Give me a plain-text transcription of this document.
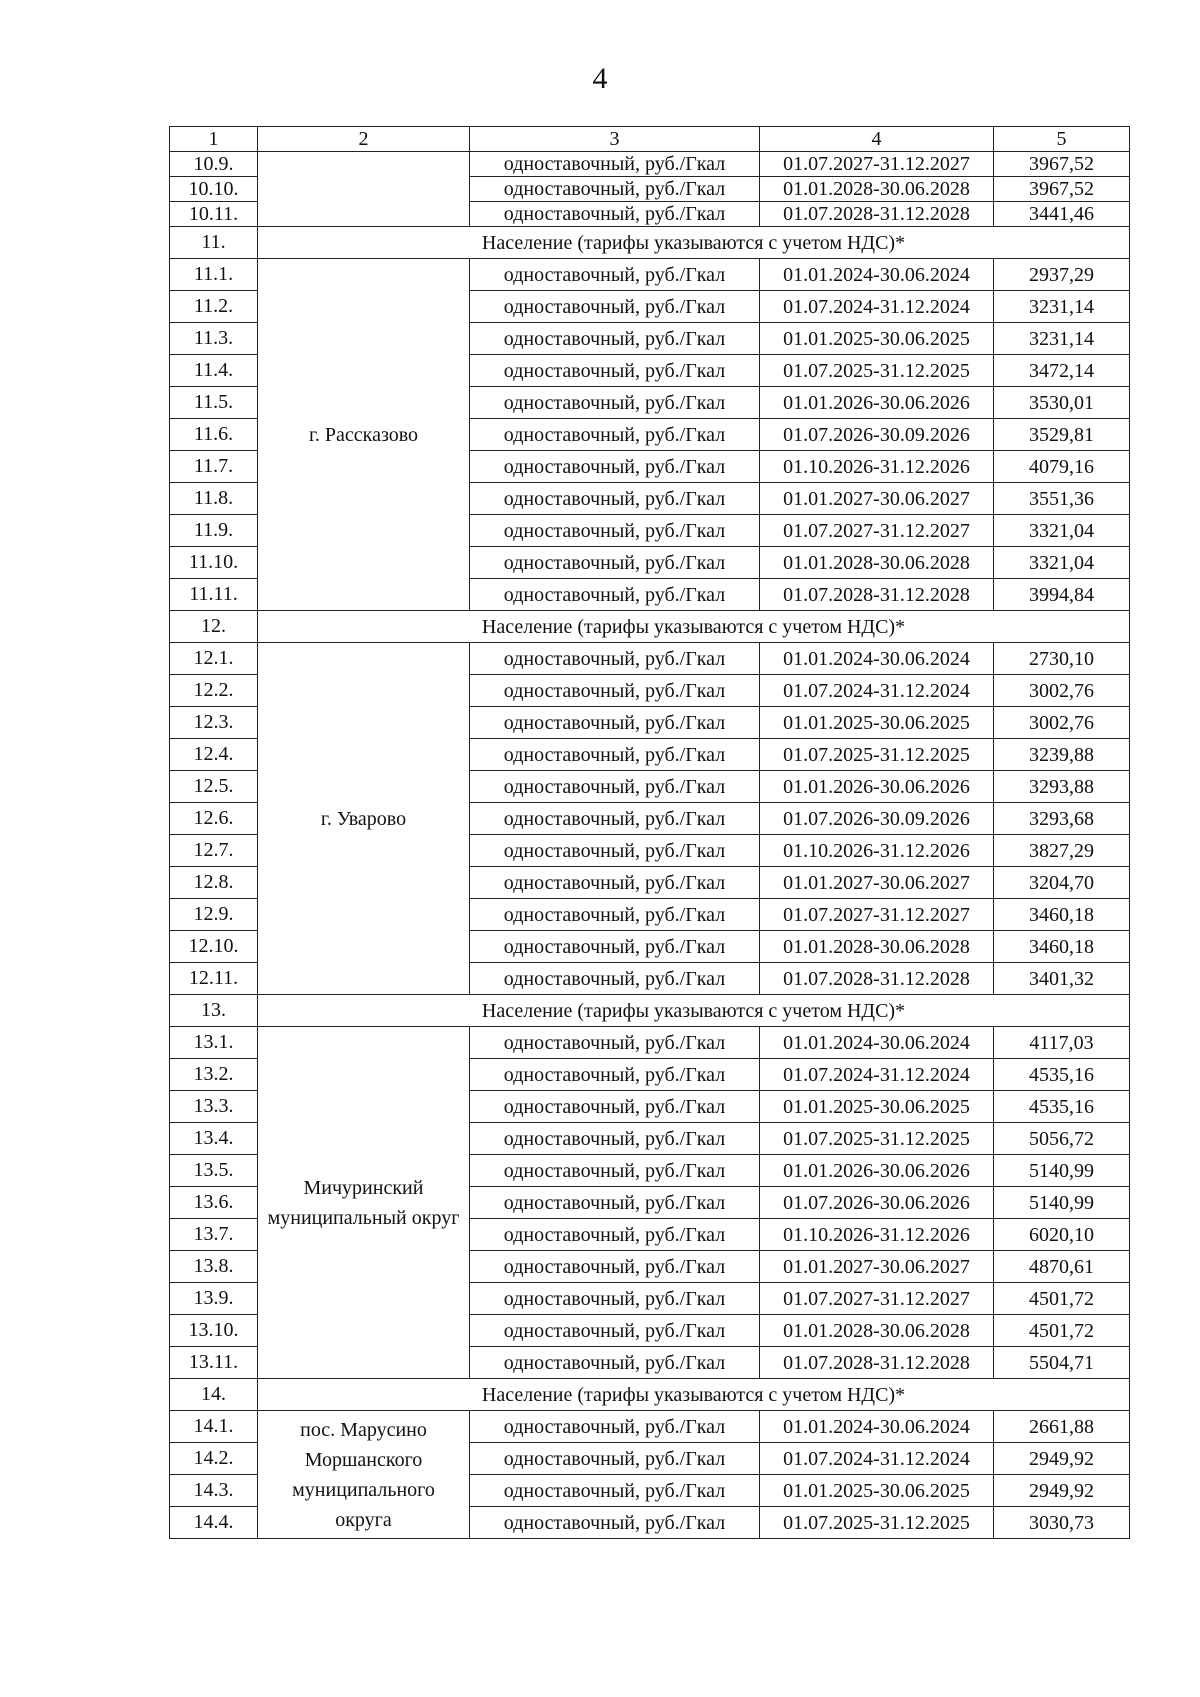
4
1	2	3	4	5
10.9.		одноставочный, руб./Гкал	01.07.2027-31.12.2027	3967,52
10.10.		одноставочный, руб./Гкал	01.01.2028-30.06.2028	3967,52
10.11.		одноставочный, руб./Гкал	01.07.2028-31.12.2028	3441,46
11.	Население (тарифы указываются с учетом НДС)*			
11.1.	г. Рассказово	одноставочный, руб./Гкал	01.01.2024-30.06.2024	2937,29
11.2.		одноставочный, руб./Гкал	01.07.2024-31.12.2024	3231,14
11.3.		одноставочный, руб./Гкал	01.01.2025-30.06.2025	3231,14
11.4.		одноставочный, руб./Гкал	01.07.2025-31.12.2025	3472,14
11.5.		одноставочный, руб./Гкал	01.01.2026-30.06.2026	3530,01
11.6.		одноставочный, руб./Гкал	01.07.2026-30.09.2026	3529,81
11.7.		одноставочный, руб./Гкал	01.10.2026-31.12.2026	4079,16
11.8.		одноставочный, руб./Гкал	01.01.2027-30.06.2027	3551,36
11.9.		одноставочный, руб./Гкал	01.07.2027-31.12.2027	3321,04
11.10.		одноставочный, руб./Гкал	01.01.2028-30.06.2028	3321,04
11.11.		одноставочный, руб./Гкал	01.07.2028-31.12.2028	3994,84
12.	Население (тарифы указываются с учетом НДС)*			
12.1.	г. Уварово	одноставочный, руб./Гкал	01.01.2024-30.06.2024	2730,10
12.2.		одноставочный, руб./Гкал	01.07.2024-31.12.2024	3002,76
12.3.		одноставочный, руб./Гкал	01.01.2025-30.06.2025	3002,76
12.4.		одноставочный, руб./Гкал	01.07.2025-31.12.2025	3239,88
12.5.		одноставочный, руб./Гкал	01.01.2026-30.06.2026	3293,88
12.6.		одноставочный, руб./Гкал	01.07.2026-30.09.2026	3293,68
12.7.		одноставочный, руб./Гкал	01.10.2026-31.12.2026	3827,29
12.8.		одноставочный, руб./Гкал	01.01.2027-30.06.2027	3204,70
12.9.		одноставочный, руб./Гкал	01.07.2027-31.12.2027	3460,18
12.10.		одноставочный, руб./Гкал	01.01.2028-30.06.2028	3460,18
12.11.		одноставочный, руб./Гкал	01.07.2028-31.12.2028	3401,32
13.	Население (тарифы указываются с учетом НДС)*			
13.1.	Мичуринский муниципальный округ	одноставочный, руб./Гкал	01.01.2024-30.06.2024	4117,03
13.2.		одноставочный, руб./Гкал	01.07.2024-31.12.2024	4535,16
13.3.		одноставочный, руб./Гкал	01.01.2025-30.06.2025	4535,16
13.4.		одноставочный, руб./Гкал	01.07.2025-31.12.2025	5056,72
13.5.		одноставочный, руб./Гкал	01.01.2026-30.06.2026	5140,99
13.6.		одноставочный, руб./Гкал	01.07.2026-30.06.2026	5140,99
13.7.		одноставочный, руб./Гкал	01.10.2026-31.12.2026	6020,10
13.8.		одноставочный, руб./Гкал	01.01.2027-30.06.2027	4870,61
13.9.		одноставочный, руб./Гкал	01.07.2027-31.12.2027	4501,72
13.10.		одноставочный, руб./Гкал	01.01.2028-30.06.2028	4501,72
13.11.		одноставочный, руб./Гкал	01.07.2028-31.12.2028	5504,71
14.	Население (тарифы указываются с учетом НДС)*			
14.1.	пос. Марусино Моршанского муниципального округа	одноставочный, руб./Гкал	01.01.2024-30.06.2024	2661,88
14.2.		одноставочный, руб./Гкал	01.07.2024-31.12.2024	2949,92
14.3.		одноставочный, руб./Гкал	01.01.2025-30.06.2025	2949,92
14.4.		одноставочный, руб./Гкал	01.07.2025-31.12.2025	3030,73
